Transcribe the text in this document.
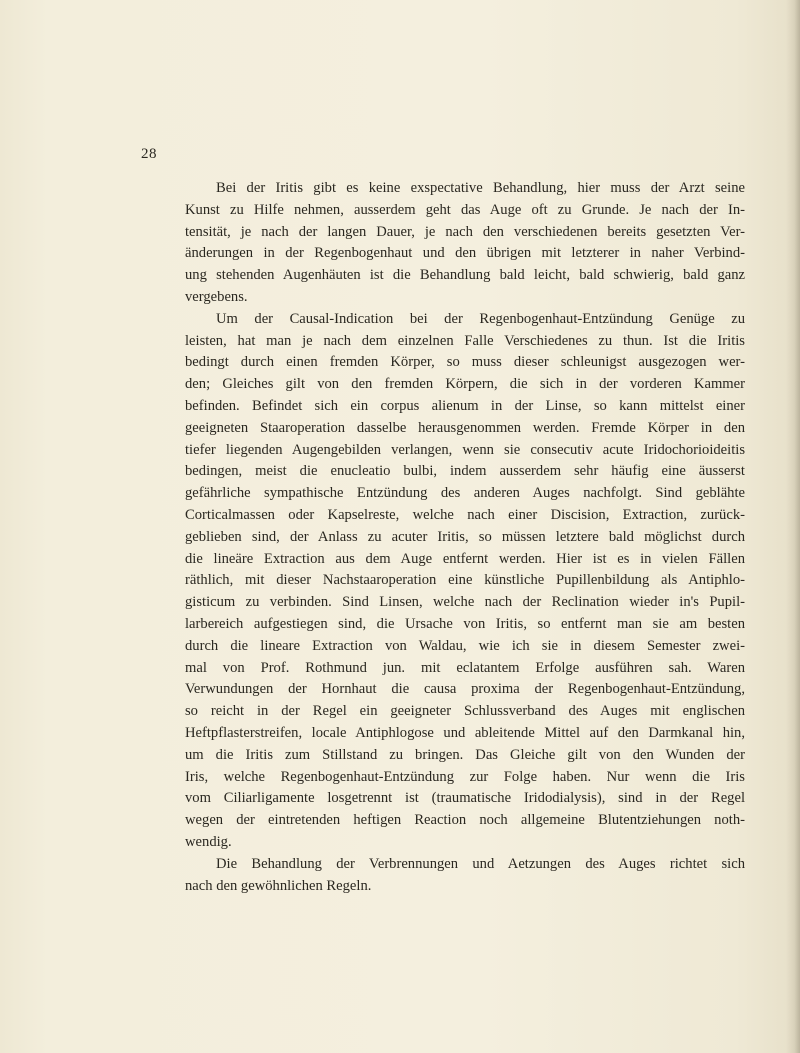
28

Bei der Iritis gibt es keine exspectative Behandlung, hier muss der Arzt seine
Kunst zu Hilfe nehmen, ausserdem geht das Auge oft zu Grunde. Je nach der In-
tensität, je nach der langen Dauer, je nach den verschiedenen bereits gesetzten Ver-
änderungen in der Regenbogenhaut und den übrigen mit letzterer in naher Verbind-
ung stehenden Augenhäuten ist die Behandlung bald leicht, bald schwierig, bald ganz
vergebens.

Um der Causal-Indication bei der Regenbogenhaut-Entzündung Genüge zu
leisten, hat man je nach dem einzelnen Falle Verschiedenes zu thun. Ist die Iritis
bedingt durch einen fremden Körper, so muss dieser schleunigst ausgezogen wer-
den; Gleiches gilt von den fremden Körpern, die sich in der vorderen Kammer
befinden. Befindet sich ein corpus alienum in der Linse, so kann mittelst einer
geeigneten Staaroperation dasselbe herausgenommen werden. Fremde Körper in den
tiefer liegenden Augengebilden verlangen, wenn sie consecutiv acute Iridochorioideitis
bedingen, meist die enucleatio bulbi, indem ausserdem sehr häufig eine äusserst
gefährliche sympathische Entzündung des anderen Auges nachfolgt. Sind geblähte
Corticalmassen oder Kapselreste, welche nach einer Discision, Extraction, zurück-
geblieben sind, der Anlass zu acuter Iritis, so müssen letztere bald möglichst durch
die lineäre Extraction aus dem Auge entfernt werden. Hier ist es in vielen Fällen
räthlich, mit dieser Nachstaaroperation eine künstliche Pupillenbildung als Antiphlo-
gisticum zu verbinden. Sind Linsen, welche nach der Reclination wieder in's Pupil-
larbereich aufgestiegen sind, die Ursache von Iritis, so entfernt man sie am besten
durch die lineare Extraction von Waldau, wie ich sie in diesem Semester zwei-
mal von Prof. Rothmund jun. mit eclatantem Erfolge ausführen sah. Waren
Verwundungen der Hornhaut die causa proxima der Regenbogenhaut-Entzündung,
so reicht in der Regel ein geeigneter Schlussverband des Auges mit englischen
Heftpflasterstreifen, locale Antiphlogose und ableitende Mittel auf den Darmkanal hin,
um die Iritis zum Stillstand zu bringen. Das Gleiche gilt von den Wunden der
Iris, welche Regenbogenhaut-Entzündung zur Folge haben. Nur wenn die Iris
vom Ciliarligamente losgetrennt ist (traumatische Iridodialysis), sind in der Regel
wegen der eintretenden heftigen Reaction noch allgemeine Blutentziehungen noth-
wendig.

Die Behandlung der Verbrennungen und Aetzungen des Auges richtet sich
nach den gewöhnlichen Regeln.
